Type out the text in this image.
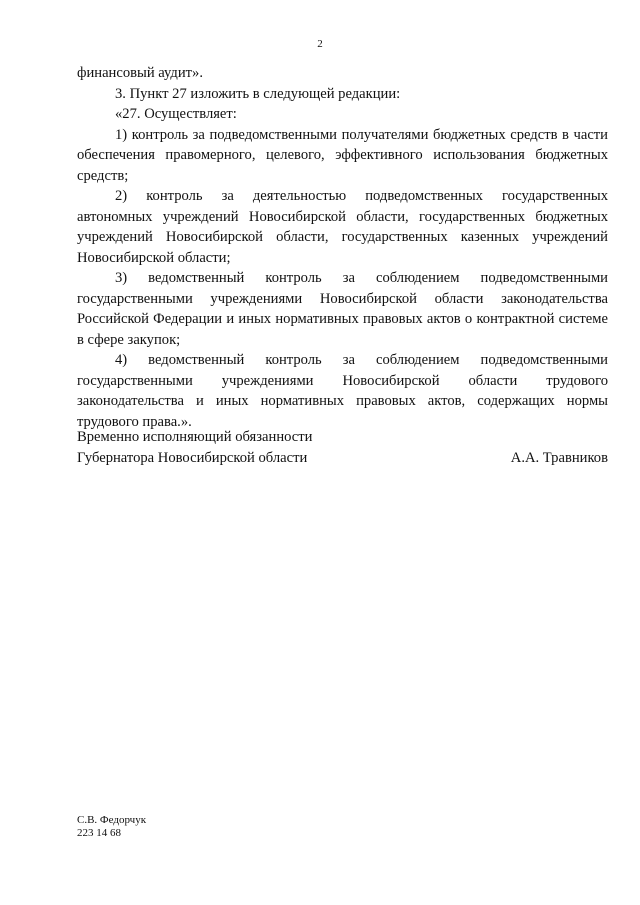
2

финансовый аудит».

3. Пункт 27 изложить в следующей редакции:

«27. Осуществляет:

1) контроль за подведомственными получателями бюджетных средств в части обеспечения правомерного, целевого, эффективного использования бюджетных средств;

2) контроль за деятельностью подведомственных государственных автономных учреждений Новосибирской области, государственных бюджетных учреждений Новосибирской области, государственных казенных учреждений Новосибирской области;

3) ведомственный контроль за соблюдением подведомственными государственными учреждениями Новосибирской области законодательства Российской Федерации и иных нормативных правовых актов о контрактной системе в сфере закупок;

4) ведомственный контроль за соблюдением подведомственными государственными учреждениями Новосибирской области трудового законодательства и иных нормативных правовых актов, содержащих нормы трудового права.».

Временно исполняющий обязанности
Губернатора Новосибирской области	А.А. Травников
С.В. Федорчук
223 14 68
